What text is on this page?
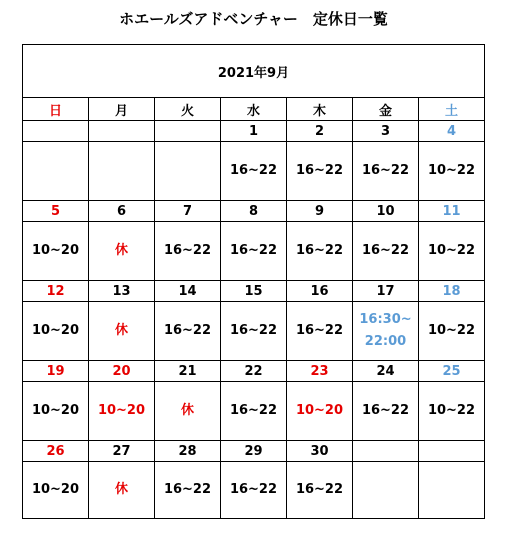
ホエールズアドベンチャー　定休日一覧
2021年9月						
日	月	火	水	木	金	土
			1	2	3	4

			16~22	16~22	16~22	10~22

5	6	7	8	9	10	11

10~20	休	16~22	16~22	16~22	16~22	10~22

12	13	14	15	16	17	18

10~20	休	16~22	16~22	16~22	16:30~
22:00	10~22

19	20	21	22	23	24	25

10~20	10~20	休	16~22	10~20	16~22	10~22

26	27	28	29	30		

10~20	休	16~22	16~22	16~22		
